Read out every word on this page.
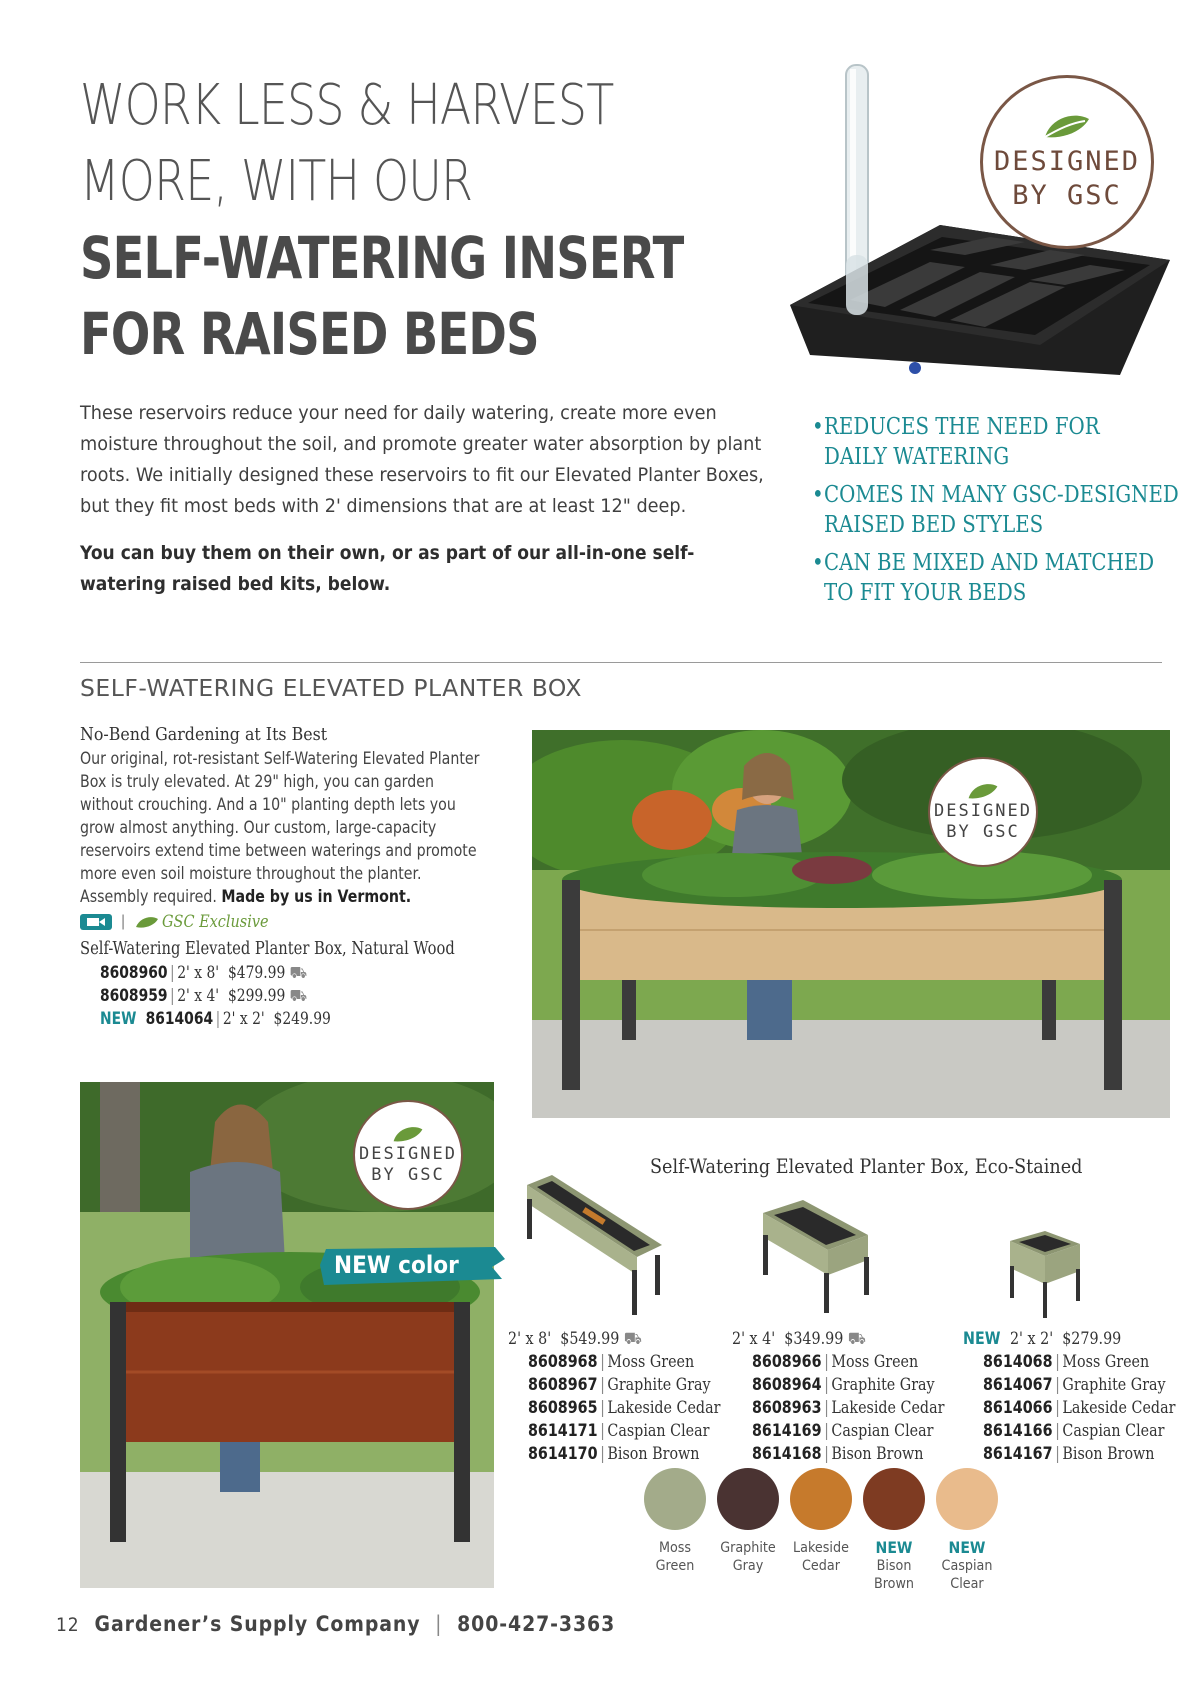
WORK LESS & HARVEST
MORE, WITH OUR
SELF-WATERING INSERT
FOR RAISED BEDS
DESIGNED
BY GSC

These reservoirs reduce your need for daily watering, create more even moisture throughout the soil, and promote greater water absorption by plant roots. We initially designed these reservoirs to fit our Elevated Planter Boxes, but they fit most beds with 2' dimensions that are at least 12" deep.

You can buy them on their own, or as part of our all-in-one self-watering raised bed kits, below.

•REDUCES THE NEED FOR
DAILY WATERING
•COMES IN MANY GSC-DESIGNED
RAISED BED STYLES
•CAN BE MIXED AND MATCHED
TO FIT YOUR BEDS
SELF-WATERING ELEVATED PLANTER BOX
No-Bend Gardening at Its Best

Our original, rot-resistant Self-Watering Elevated Planter Box is truly elevated. At 29" high, you can garden without crouching. And a 10" planting depth lets you grow almost anything. Our custom, large-capacity reservoirs extend time between waterings and promote more even soil moisture throughout the planter. Assembly required. Made by us in Vermont.

| GSC Exclusive
Self-Watering Elevated Planter Box, Natural Wood
8608960 | 2' x 8' $479.99 ⛟
8608959 | 2' x 4' $299.99 ⛟
NEW  8614064 | 2' x 2' $249.99
DESIGNED
BY GSC
DESIGNED
BY GSC
NEW color
Self-Watering Elevated Planter Box, Eco-Stained
2' x 8' $549.99 ⛟
8608968 | Moss Green
8608967 | Graphite Gray
8608965 | Lakeside Cedar
8614171 | Caspian Clear
8614170 | Bison Brown
2' x 4' $349.99 ⛟
8608966 | Moss Green
8608964 | Graphite Gray
8608963 | Lakeside Cedar
8614169 | Caspian Clear
8614168 | Bison Brown
NEW  2' x 2' $279.99
8614068 | Moss Green
8614067 | Graphite Gray
8614066 | Lakeside Cedar
8614166 | Caspian Clear
8614167 | Bison Brown
Moss
Green
Graphite
Gray
Lakeside
Cedar
NEW
Bison
Brown
NEW
Caspian
Clear
12 Gardener’s Supply Company | 800-427-3363
